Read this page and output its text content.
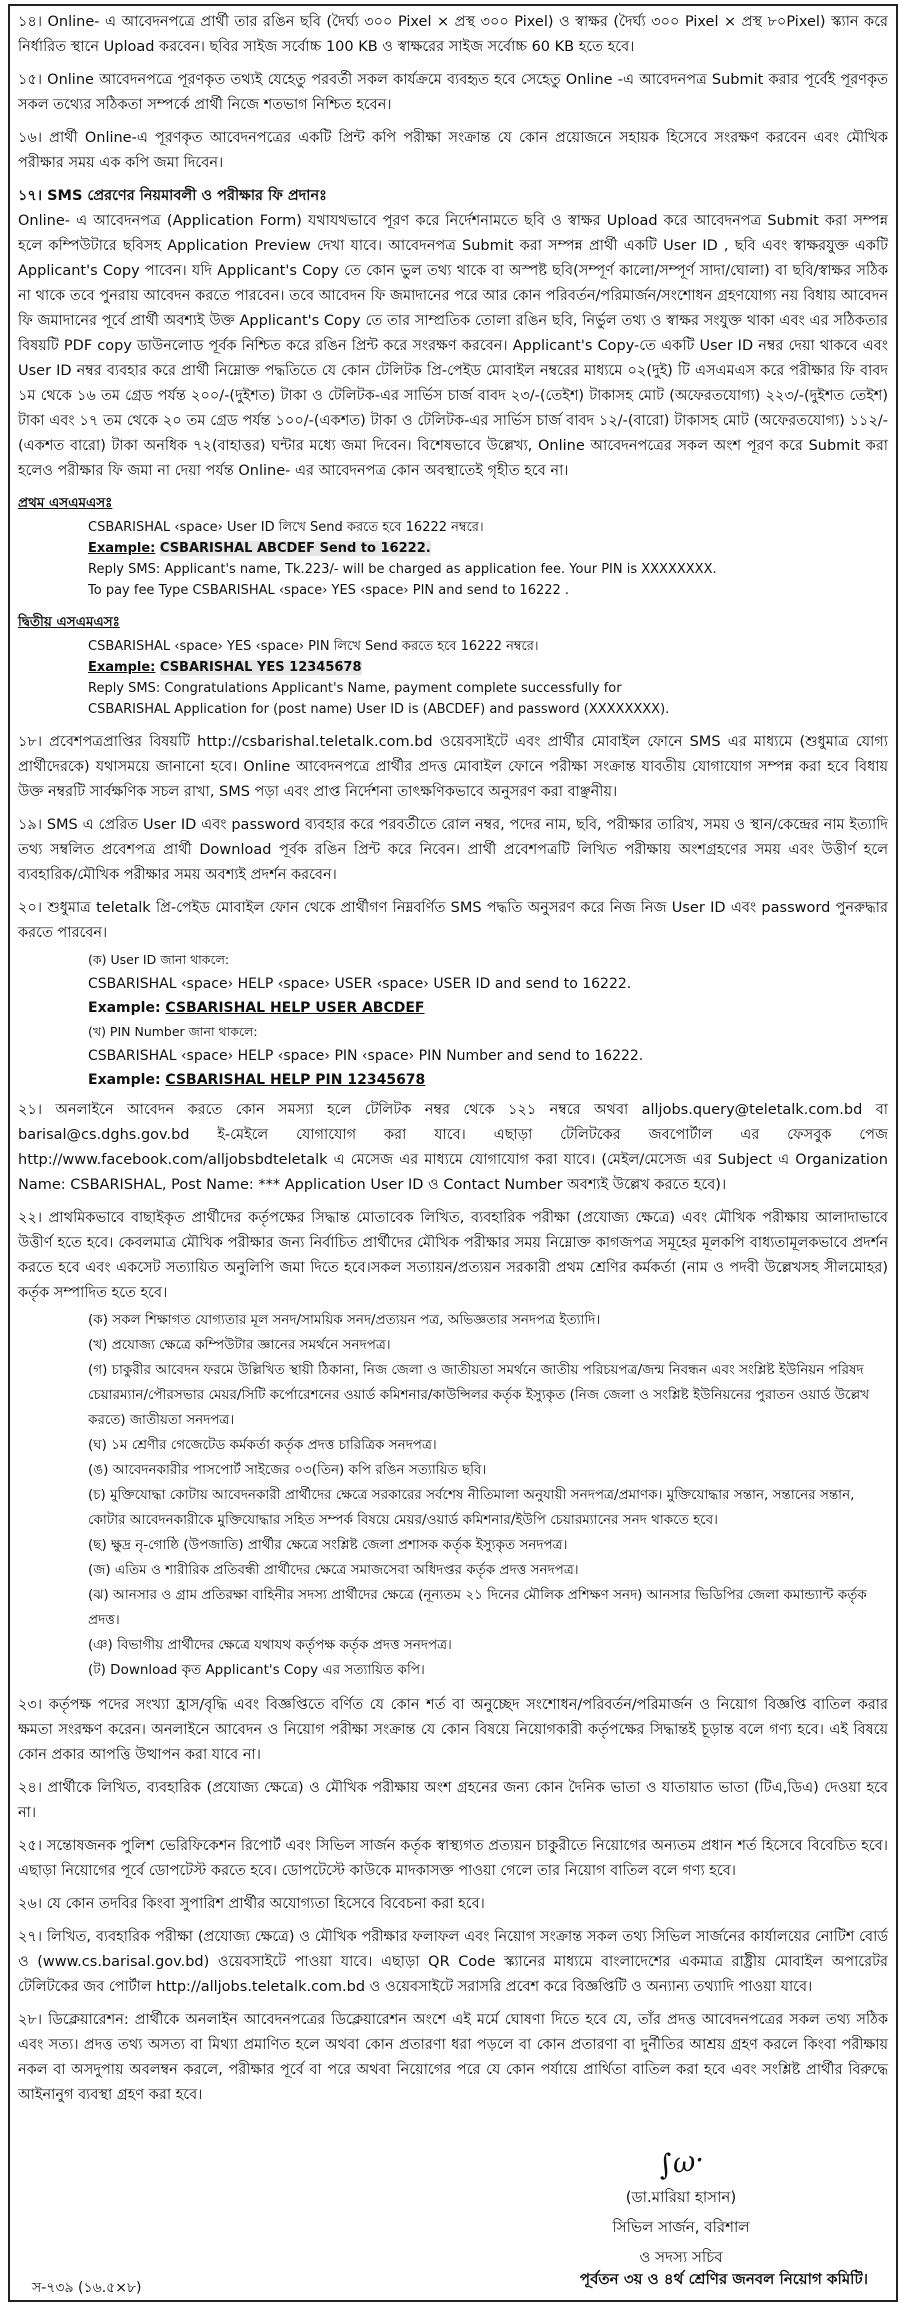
১৪। Online- এ আবেদনপত্রে প্রার্থী তার রঙিন ছবি (দৈর্ঘ্য ৩০০ Pixel × প্রস্থ ৩০০ Pixel) ও স্বাক্ষর (দৈর্ঘ্য ৩০০ Pixel × প্রস্থ ৮০Pixel) স্ক্যান করে নির্ধারিত স্থানে Upload করবেন। ছবির সাইজ সর্বোচ্চ 100 KB ও স্বাক্ষরের সাইজ সর্বোচ্চ 60 KB হতে হবে।

১৫। Online আবেদনপত্রে পূরণকৃত তথ্যই যেহেতু পরবর্তী সকল কার্যক্রমে ব্যবহৃত হবে সেহেতু Online -এ আবেদনপত্র Submit করার পূর্বেই পূরণকৃত সকল তথ্যের সঠিকতা সম্পর্কে প্রার্থী নিজে শতভাগ নিশ্চিত হবেন।

১৬। প্রার্থী Online-এ পূরণকৃত আবেদনপত্রের একটি প্রিন্ট কপি পরীক্ষা সংক্রান্ত যে কোন প্রয়োজনে সহায়ক হিসেবে সংরক্ষণ করবেন এবং মৌখিক পরীক্ষার সময় এক কপি জমা দিবেন।

১৭। SMS প্রেরণের নিয়মাবলী ও পরীক্ষার ফি প্রদানঃ

Online- এ আবেদনপত্র (Application Form) যথাযথভাবে পূরণ করে নির্দেশনামতে ছবি ও স্বাক্ষর Upload করে আবেদনপত্র Submit করা সম্পন্ন হলে কম্পিউটারে ছবিসহ Application Preview দেখা যাবে। আবেদনপত্র Submit করা সম্পন্ন প্রার্থী একটি User ID , ছবি এবং স্বাক্ষরযুক্ত একটি Applicant's Copy পাবেন। যদি Applicant's Copy তে কোন ভুল তথ্য থাকে বা অস্পষ্ট ছবি(সম্পূর্ণ কালো/সম্পূর্ণ সাদা/ঘোলা) বা ছবি/স্বাক্ষর সঠিক না থাকে তবে পুনরায় আবেদন করতে পারবেন। তবে আবেদন ফি জমাদানের পরে আর কোন পরিবর্তন/পরিমার্জন/সংশোধন গ্রহণযোগ্য নয় বিধায় আবেদন ফি জমাদানের পূর্বে প্রার্থী অবশ্যই উক্ত Applicant's Copy তে তার সাম্প্রতিক তোলা রঙিন ছবি, নির্ভুল তথ্য ও স্বাক্ষর সংযুক্ত থাকা এবং এর সঠিকতার বিষয়টি PDF copy ডাউনলোড পূর্বক নিশ্চিত করে রঙিন প্রিন্ট করে সংরক্ষণ করবেন। Applicant's Copy-তে একটি User ID নম্বর দেয়া থাকবে এবং User ID নম্বর ব্যবহার করে প্রার্থী নিম্নোক্ত পদ্ধতিতে যে কোন টেলিটক প্রি-পেইড মোবাইল নম্বরের মাধ্যমে ০২(দুই) টি এসএমএস করে পরীক্ষার ফি বাবদ ১ম থেকে ১৬ তম গ্রেড পর্যন্ত ২০০/-(দুইশত) টাকা ও টেলিটক-এর সার্ভিস চার্জ বাবদ ২৩/-(তেইশ) টাকাসহ মোট (অফেরতযোগ্য) ২২৩/-(দুইশত তেইশ) টাকা এবং ১৭ তম থেকে ২০ তম গ্রেড পর্যন্ত ১০০/-(একশত) টাকা ও টেলিটক-এর সার্ভিস চার্জ বাবদ ১২/-(বারো) টাকাসহ মোট (অফেরতযোগ্য) ১১২/-(একশত বারো) টাকা অনধিক ৭২(বাহাত্তর) ঘন্টার মধ্যে জমা দিবেন। বিশেষভাবে উল্লেখ্য, Online আবেদনপত্রের সকল অংশ পূরণ করে Submit করা হলেও পরীক্ষার ফি জমা না দেয়া পর্যন্ত Online- এর আবেদনপত্র কোন অবস্থাতেই গৃহীত হবে না।

প্রথম এসএমএসঃ

CSBARISHAL ‹space› User ID লিখে Send করতে হবে 16222 নম্বরে।

Example: CSBARISHAL ABCDEF Send to 16222.

Reply SMS: Applicant's name, Tk.223/- will be charged as application fee. Your PIN is XXXXXXXX.

To pay fee Type CSBARISHAL ‹space› YES ‹space› PIN and send to 16222 .

দ্বিতীয় এসএমএসঃ

CSBARISHAL ‹space› YES ‹space› PIN লিখে Send করতে হবে 16222 নম্বরে।

Example: CSBARISHAL YES 12345678

Reply SMS: Congratulations Applicant's Name, payment complete successfully for

CSBARISHAL Application for (post name) User ID is (ABCDEF) and password (XXXXXXXX).

১৮। প্রবেশপত্রপ্রাপ্তির বিষয়টি http://csbarishal.teletalk.com.bd ওয়েবসাইটে এবং প্রার্থীর মোবাইল ফোনে SMS এর মাধ্যমে (শুধুমাত্র যোগ্য প্রার্থীদেরকে) যথাসময়ে জানানো হবে। Online আবেদনপত্রে প্রার্থীর প্রদত্ত মোবাইল ফোনে পরীক্ষা সংক্রান্ত যাবতীয় যোগাযোগ সম্পন্ন করা হবে বিধায় উক্ত নম্বরটি সার্বক্ষণিক সচল রাখা, SMS পড়া এবং প্রাপ্ত নির্দেশনা তাৎক্ষণিকভাবে অনুসরণ করা বাঞ্ছনীয়।

১৯। SMS এ প্রেরিত User ID এবং password ব্যবহার করে পরবর্তীতে রোল নম্বর, পদের নাম, ছবি, পরীক্ষার তারিখ, সময় ও স্থান/কেন্দ্রের নাম ইত্যাদি তথ্য সম্বলিত প্রবেশপত্র প্রার্থী Download পূর্বক রঙিন প্রিন্ট করে নিবেন। প্রার্থী প্রবেশপত্রটি লিখিত পরীক্ষায় অংশগ্রহণের সময় এবং উত্তীর্ণ হলে ব্যবহারিক/মৌখিক পরীক্ষার সময় অবশ্যই প্রদর্শন করবেন।

২০। শুধুমাত্র teletalk প্রি-পেইড মোবাইল ফোন থেকে প্রার্থীগণ নিম্নবর্ণিত SMS পদ্ধতি অনুসরণ করে নিজ নিজ User ID এবং password পুনরুদ্ধার করতে পারবেন।

(ক) User ID জানা থাকলে:
CSBARISHAL ‹space› HELP ‹space› USER ‹space› USER ID and send to 16222.
Example: CSBARISHAL HELP USER ABCDEF
(খ) PIN Number জানা থাকলে:
CSBARISHAL ‹space› HELP ‹space› PIN ‹space› PIN Number and send to 16222.
Example: CSBARISHAL HELP PIN 12345678

২১। অনলাইনে আবেদন করতে কোন সমস্যা হলে টেলিটক নম্বর থেকে ১২১ নম্বরে অথবা alljobs.query@teletalk.com.bd বা barisal@cs.dghs.gov.bd ই-মেইলে যোগাযোগ করা যাবে। এছাড়া টেলিটকের জবপোর্টাল এর ফেসবুক পেজ http://www.facebook.com/alljobsbdteletalk এ মেসেজ এর মাধ্যমে যোগাযোগ করা যাবে। (মেইল/মেসেজ এর Subject এ Organization Name: CSBARISHAL, Post Name: *** Application User ID ও Contact Number অবশ্যই উল্লেখ করতে হবে)।

২২। প্রাথমিকভাবে বাছাইকৃত প্রার্থীদের কর্তৃপক্ষের সিদ্ধান্ত মোতাবেক লিখিত, ব্যবহারিক পরীক্ষা (প্রযোজ্য ক্ষেত্রে) এবং মৌখিক পরীক্ষায় আলাদাভাবে উত্তীর্ণ হতে হবে। কেবলমাত্র মৌখিক পরীক্ষার জন্য নির্বাচিত প্রার্থীদের মৌখিক পরীক্ষার সময় নিম্নোক্ত কাগজপত্র সমূহের মূলকপি বাধ্যতামূলকভাবে প্রদর্শন করতে হবে এবং একসেট সত্যায়িত অনুলিপি জমা দিতে হবে।সকল সত্যায়ন/প্রত্যয়ন সরকারী প্রথম শ্রেণির কর্মকর্তা (নাম ও পদবী উল্লেখসহ সীলমোহর) কর্তৃক সম্পাদিত হতে হবে।

(ক) সকল শিক্ষাগত যোগ্যতার মূল সনদ/সাময়িক সনদ/প্রত্যয়ন পত্র, অভিজ্ঞতার সনদপত্র ইত্যাদি।

(খ) প্রযোজ্য ক্ষেত্রে কম্পিউটার জ্ঞানের সমর্থনে সনদপত্র।

(গ) চাকুরীর আবেদন ফরমে উল্লিখিত স্থায়ী ঠিকানা, নিজ জেলা ও জাতীয়তা সমর্থনে জাতীয় পরিচয়পত্র/জন্ম নিবন্ধন এবং সংশ্লিষ্ট ইউনিয়ন পরিষদ চেয়ারম্যান/পৌরসভার মেয়র/সিটি কর্পোরেশনের ওয়ার্ড কমিশনার/কাউন্সিলর কর্তৃক ইস্যুকৃত (নিজ জেলা ও সংশ্লিষ্ট ইউনিয়নের পুরাতন ওয়ার্ড উল্লেখ করতে) জাতীয়তা সনদপত্র।

(ঘ) ১ম শ্রেণীর গেজেটেড কর্মকর্তা কর্তৃক প্রদত্ত চারিত্রিক সনদপত্র।

(ঙ) আবেদনকারীর পাসপোর্ট সাইজের ০৩(তিন) কপি রঙিন সত্যায়িত ছবি।

(চ) মুক্তিযোদ্ধা কোটায় আবেদনকারী প্রার্থীদের ক্ষেত্রে সরকারের সর্বশেষ নীতিমালা অনুযায়ী সনদপত্র/প্রমাণক। মুক্তিযোদ্ধার সন্তান, সন্তানের সন্তান, কোটার আবেদনকারীকে মুক্তিযোদ্ধার সহিত সম্পর্ক বিষয়ে মেয়র/ওয়ার্ড কমিশনার/ইউপি চেয়ারম্যানের সনদ থাকতে হবে।

(ছ) ক্ষুদ্র নৃ-গোষ্ঠি (উপজাতি) প্রার্থীর ক্ষেত্রে সংশ্লিষ্ট জেলা প্রশাসক কর্তৃক ইস্যুকৃত সনদপত্র।

(জ) এতিম ও শারীরিক প্রতিবন্ধী প্রার্থীদের ক্ষেত্রে সমাজসেবা অধিদপ্তর কর্তৃক প্রদত্ত সনদপত্র।

(ঝ) আনসার ও গ্রাম প্রতিরক্ষা বাহিনীর সদস্য প্রার্থীদের ক্ষেত্রে (নূন্যতম ২১ দিনের মৌলিক প্রশিক্ষণ সনদ) আনসার ভিডিপির জেলা কমান্ড্যান্ট কর্তৃক প্রদত্ত।

(ঞ) বিভাগীয় প্রার্থীদের ক্ষেত্রে যথাযথ কর্তৃপক্ষ কর্তৃক প্রদত্ত সনদপত্র।

(ট) Download কৃত Applicant's Copy এর সত্যায়িত কপি।

২৩। কর্তৃপক্ষ পদের সংখ্যা হ্রাস/বৃদ্ধি এবং বিজ্ঞপ্তিতে বর্ণিত যে কোন শর্ত বা অনুচ্ছেদ সংশোধন/পরিবর্তন/পরিমার্জন ও নিয়োগ বিজ্ঞপ্তি বাতিল করার ক্ষমতা সংরক্ষণ করেন। অনলাইনে আবেদন ও নিয়োগ পরীক্ষা সংক্রান্ত যে কোন বিষয়ে নিয়োগকারী কর্তৃপক্ষের সিদ্ধান্তই চূড়ান্ত বলে গণ্য হবে। এই বিষয়ে কোন প্রকার আপত্তি উত্থাপন করা যাবে না।

২৪। প্রার্থীকে লিখিত, ব্যবহারিক (প্রযোজ্য ক্ষেত্রে) ও মৌখিক পরীক্ষায় অংশ গ্রহনের জন্য কোন দৈনিক ভাতা ও যাতায়াত ভাতা (টিএ,ডিএ) দেওয়া হবে না।

২৫। সন্তোষজনক পুলিশ ভেরিফিকেশন রিপোর্ট এবং সিভিল সার্জন কর্তৃক স্বাস্থ্যগত প্রত্যয়ন চাকুরীতে নিয়োগের অন্যতম প্রধান শর্ত হিসেবে বিবেচিত হবে। এছাড়া নিয়োগের পূর্বে ডোপটেস্ট করতে হবে। ডোপটেস্টে কাউকে মাদকাসক্ত পাওয়া গেলে তার নিয়োগ বাতিল বলে গণ্য হবে।

২৬। যে কোন তদবির কিংবা সুপারিশ প্রার্থীর অযোগ্যতা হিসেবে বিবেচনা করা হবে।

২৭। লিখিত, ব্যবহারিক পরীক্ষা (প্রযোজ্য ক্ষেত্রে) ও মৌখিক পরীক্ষার ফলাফল এবং নিয়োগ সংক্রান্ত সকল তথ্য সিভিল সার্জনের কার্যালয়ের নোটিশ বোর্ড ও (www.cs.barisal.gov.bd) ওয়েবসাইটে পাওয়া যাবে। এছাড়া QR Code স্ক্যানের মাধ্যমে বাংলাদেশের একমাত্র রাষ্ট্রীয় মোবাইল অপারেটর টেলিটকের জব পোর্টাল http://alljobs.teletalk.com.bd ও ওয়েবসাইটে সরাসরি প্রবেশ করে বিজ্ঞপ্তিটি ও অন্যান্য তথ্যাদি পাওয়া যাবে।

২৮। ডিক্লেয়ারেশন: প্রার্থীকে অনলাইন আবেদনপত্রের ডিক্লেয়ারেশন অংশে এই মর্মে ঘোষণা দিতে হবে যে, তাঁর প্রদত্ত আবেদনপত্রের সকল তথ্য সঠিক এবং সত্য। প্রদত্ত তথ্য অসত্য বা মিথ্যা প্রমাণিত হলে অথবা কোন প্রতারণা ধরা পড়লে বা কোন প্রতারণা বা দুর্নীতির আশ্রয় গ্রহণ করলে কিংবা পরীক্ষায় নকল বা অসদুপায় অবলম্বন করলে, পরীক্ষার পূর্বে বা পরে অথবা নিয়োগের পরে যে কোন পর্যায়ে প্রার্থিতা বাতিল করা হবে এবং সংশ্লিষ্ট প্রার্থীর বিরুদ্ধে আইনানুগ ব্যবস্থা গ্রহণ করা হবে।

∫ω·
(ডা.মারিয়া হাসান)
সিভিল সার্জন, বরিশাল
ও সদস্য সচিব
স-৭৩৯ (১৬.৫×৮)	পূর্বতন ৩য় ও ৪র্থ শ্রেণির জনবল নিয়োগ কমিটি।
